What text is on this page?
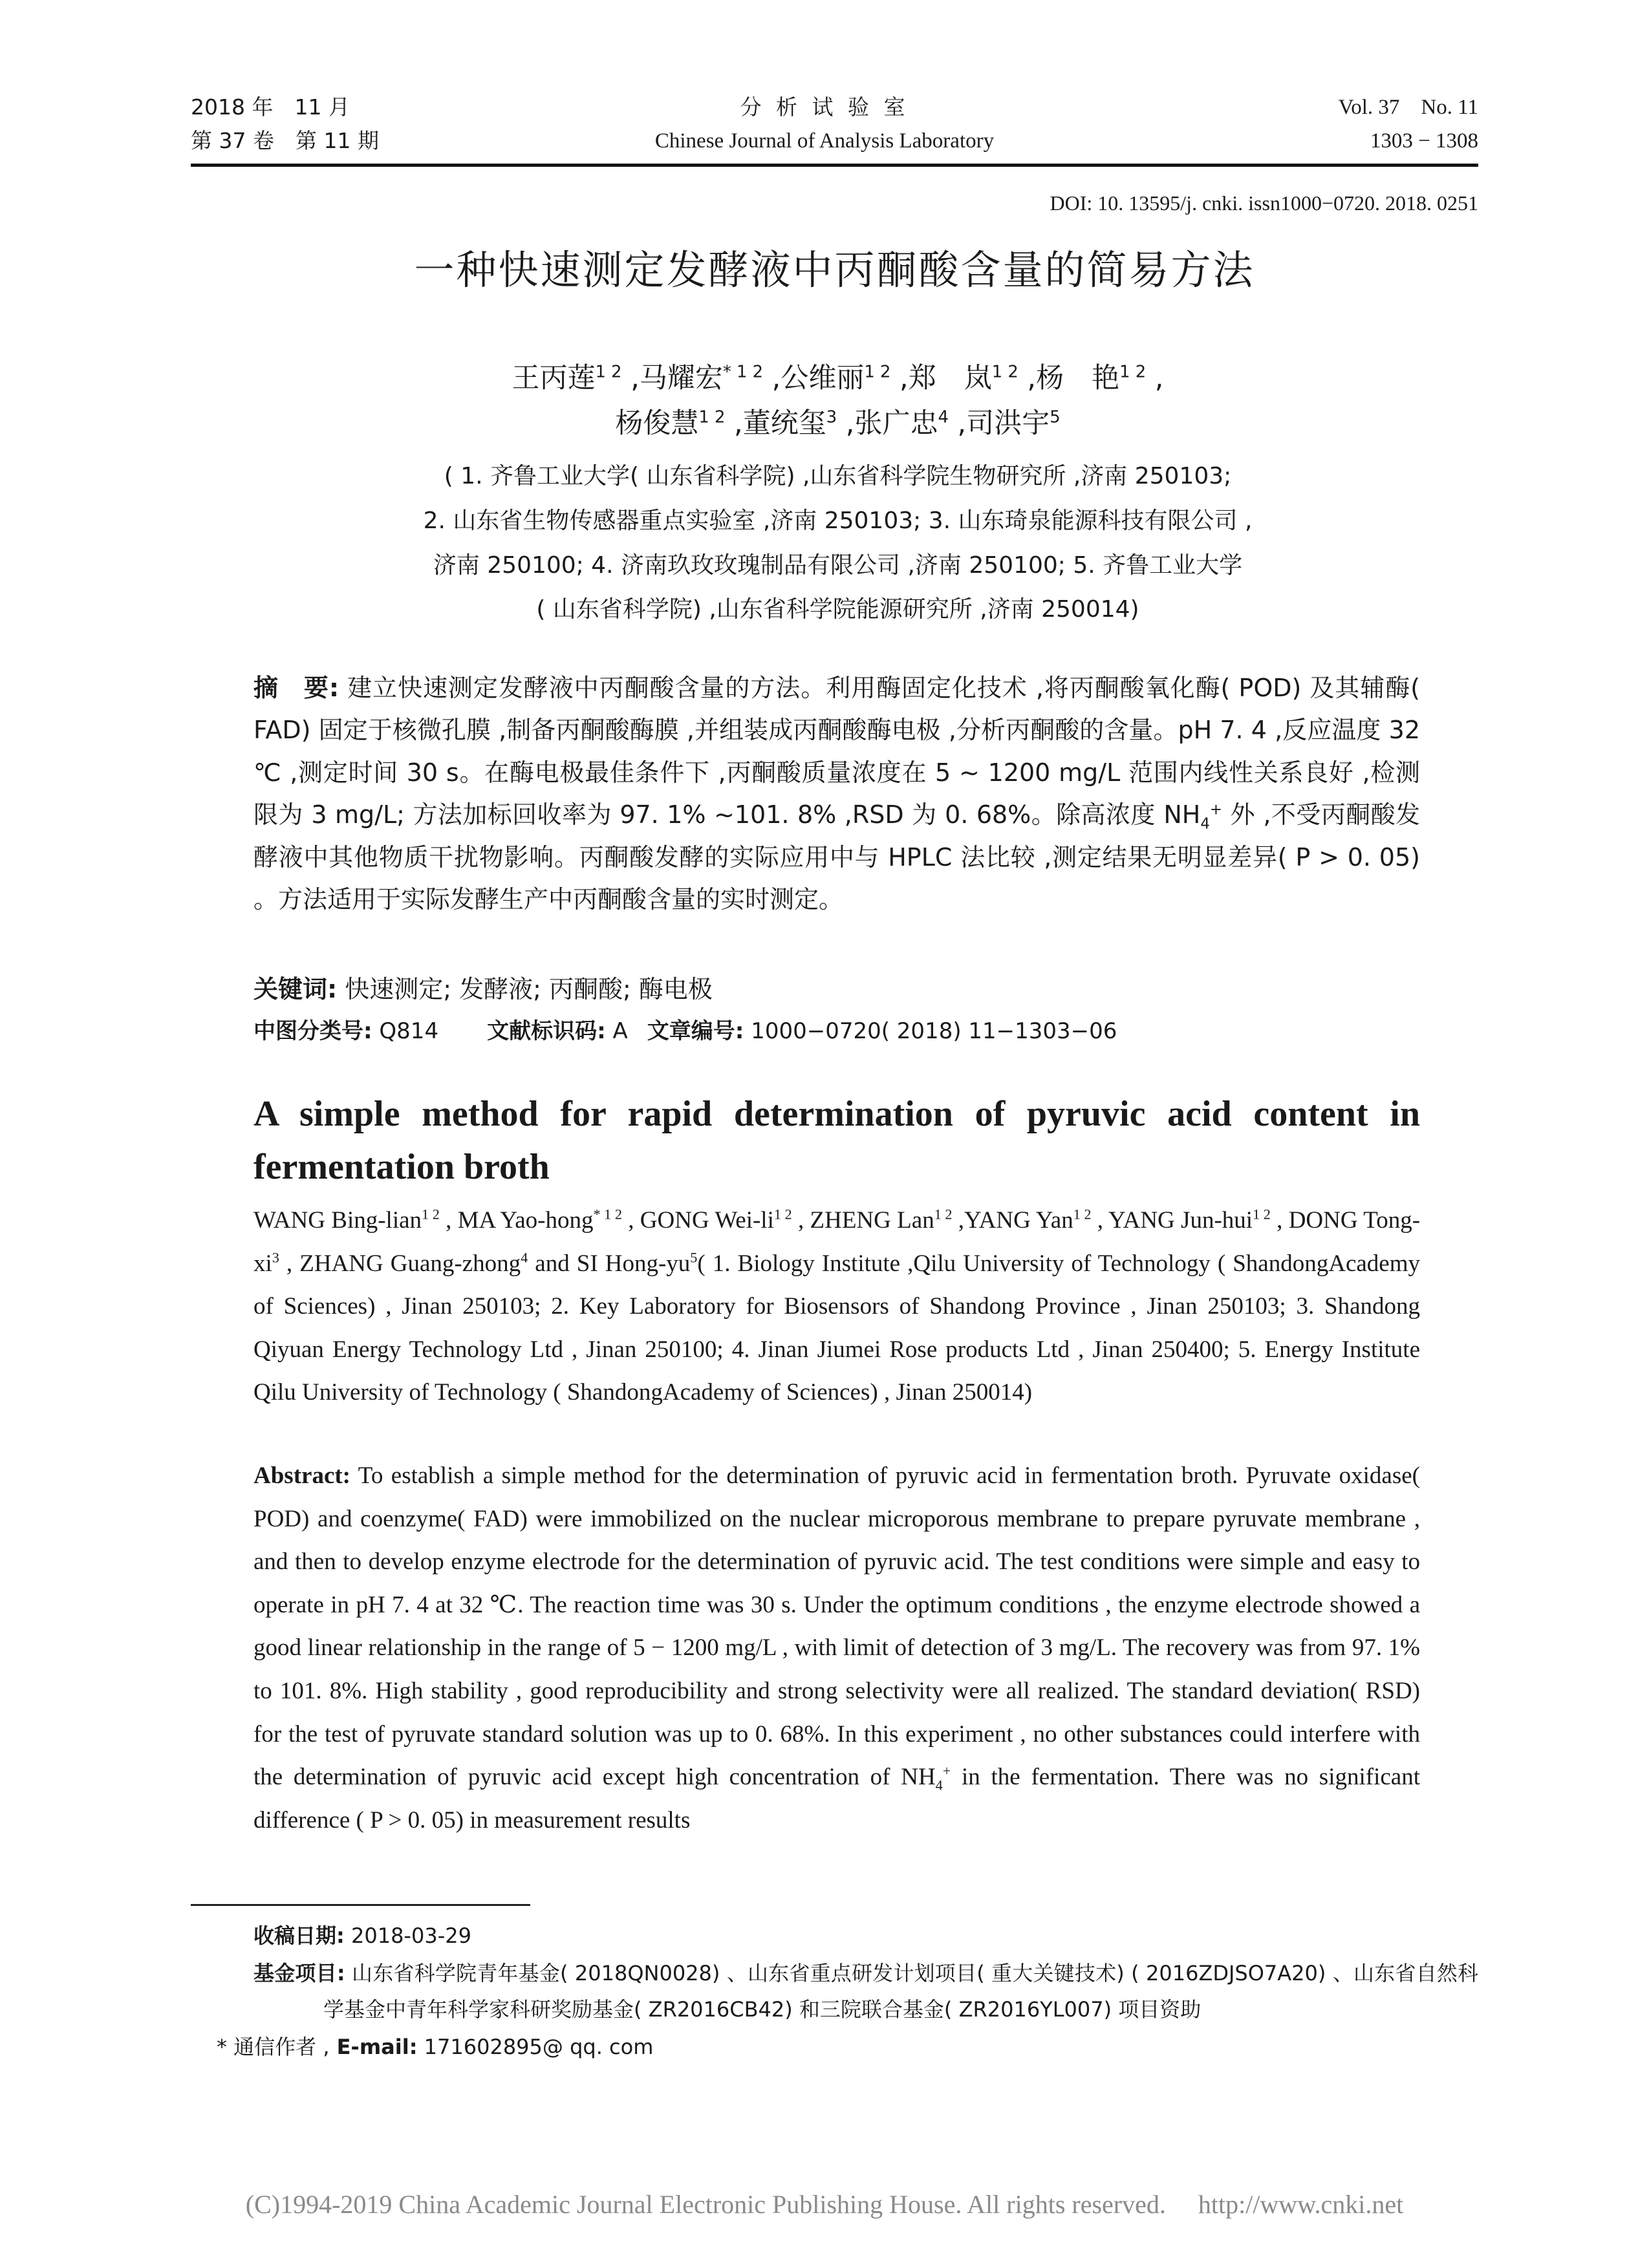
2018 年　11 月
第 37 卷　第 11 期
分 析 试 验 室
Chinese Journal of Analysis Laboratory
Vol. 37　No. 11
1303 − 1308
DOI: 10. 13595/j. cnki. issn1000−0720. 2018. 0251
一种快速测定发酵液中丙酮酸含量的简易方法
王丙莲$^{1 2}$ ,马耀宏$^{* 1 2}$ ,公维丽$^{1 2}$ ,郑　岚$^{1 2}$ ,杨　艳$^{1 2}$ ,
杨俊慧$^{1 2}$ ,董统玺$^3$ ,张广忠$^4$ ,司洪宇$^5$
( 1. 齐鲁工业大学( 山东省科学院) ,山东省科学院生物研究所 ,济南 250103;
2. 山东省生物传感器重点实验室 ,济南 250103; 3. 山东琦泉能源科技有限公司 ,
济南 250100; 4. 济南玖玫玫瑰制品有限公司 ,济南 250100; 5. 齐鲁工业大学
( 山东省科学院) ,山东省科学院能源研究所 ,济南 250014)
摘　要: 建立快速测定发酵液中丙酮酸含量的方法。利用酶固定化技术 ,将丙酮酸氧化酶( POD) 及其辅酶( FAD) 固定于核微孔膜 ,制备丙酮酸酶膜 ,并组装成丙酮酸酶电极 ,分析丙酮酸的含量。pH 7. 4 ,反应温度 32 ℃ ,测定时间 30 s。在酶电极最佳条件下 ,丙酮酸质量浓度在 5 ~ 1200 mg/L 范围内线性关系良好 ,检测限为 3 mg/L; 方法加标回收率为 97. 1% ~101. 8% ,RSD 为 0. 68%。除高浓度 $NH_4^+$ 外 ,不受丙酮酸发酵液中其他物质干扰物影响。丙酮酸发酵的实际应用中与 HPLC 法比较 ,测定结果无明显差异( P > 0. 05) 。方法适用于实际发酵生产中丙酮酸含量的实时测定。
关键词: 快速测定; 发酵液; 丙酮酸; 酶电极
中图分类号: Q814 文献标识码: A 文章编号: 1000−0720( 2018) 11−1303−06
A simple method for rapid determination of pyruvic acid content in fermentation broth
WANG Bing-lian$^{1 2}$ , MA Yao-hong$^{* 1 2}$ , GONG Wei-$li^{1 2}$ , ZHENG Lan$^{1 2}$ ,YANG Yan$^{1 2}$ , YANG Jun-hui$^{1 2}$ , DONG Tong-$xi^3$ , ZHANG Guang-zhong$^4$ and SI Hong-$yu^5$( 1. Biology Institute ,Qilu University of Technology ( ShandongAcademy of Sciences) , Jinan 250103; 2. Key Laboratory for Biosensors of Shandong Province , Jinan 250103; 3. Shandong Qiyuan Energy Technology Ltd , Jinan 250100; 4. Jinan Jiumei Rose products Ltd , Jinan 250400; 5. Energy Institute Qilu University of Technology ( ShandongAcademy of Sciences) , Jinan 250014)
Abstract: To establish a simple method for the determination of pyruvic acid in fermentation broth. Pyruvate oxidase( POD) and coenzyme( FAD) were immobilized on the nuclear microporous membrane to prepare pyruvate membrane , and then to develop enzyme electrode for the determination of pyruvic acid. The test conditions were simple and easy to operate in pH 7. 4 at 32 ℃. The reaction time was 30 s. Under the optimum conditions , the enzyme electrode showed a good linear relationship in the range of 5 − 1200 mg/L , with limit of detection of 3 mg/L. The recovery was from 97. 1% to 101. 8%. High stability , good reproducibility and strong selectivity were all realized. The standard deviation( RSD) for the test of pyruvate standard solution was up to 0. 68%. In this experiment , no other substances could interfere with the determination of pyruvic acid except high concentration of $NH_4^+$ in the fermentation. There was no significant difference ( P > 0. 05) in measurement results
收稿日期: 2018-03-29
基金项目: 山东省科学院青年基金( 2018QN0028) 、山东省重点研发计划项目( 重大关键技术) ( 2016ZDJSO7A20) 、山东省自然科学基金中青年科学家科研奖励基金( ZR2016CB42) 和三院联合基金( ZR2016YL007) 项目资助
* 通信作者 , E-mail: 171602895@ qq. com
(C)1994-2019 China Academic Journal Electronic Publishing House. All rights reserved.　 http://www.cnki.net
